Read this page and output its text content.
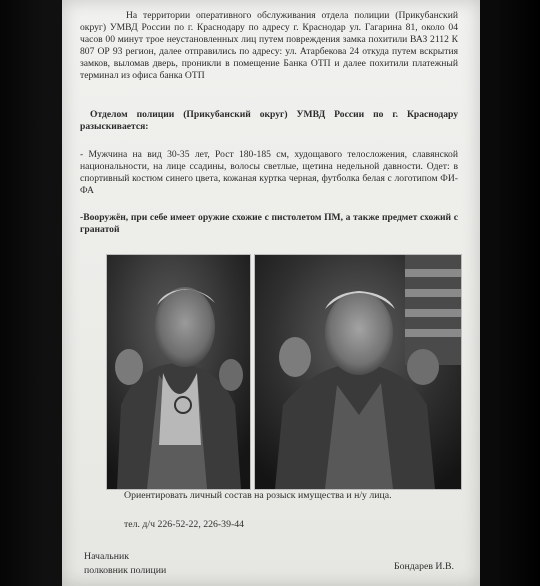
На территории оперативного обслуживания отдела полиции (Прикубанский округ) УМВД России по г. Краснодару по адресу г. Краснодар ул. Гагарина 81, около 04 часов 00 минут трое неустановленных лиц путем повреждения замка похитили ВАЗ 2112 К 807 ОР 93 регион, далее отправились по адресу: ул. Атарбекова 24 откуда путем вскрытия замков, выломав дверь, проникли в помещение Банка ОТП и далее похитили платежный терминал из офиса банка ОТП

Отделом полиции (Прикубанский округ) УМВД России по г. Краснодару разыскивается:

- Мужчина на вид 30-35 лет, Рост 180-185 см, худощавого телосложения, славянской национальности, на лице ссадины, волосы светлые, щетина недельной давности. Одет: в спортивный костюм синего цвета, кожаная куртка черная, футболка белая с логотипом ФИ-ФА

-Вооружён, при себе имеет оружие схожие с пистолетом ПМ, а также предмет схожий с гранатой

Ориентировать личный состав на розыск имущества и н/у лица.

тел. д/ч 226-52-22, 226-39-44

Начальник

полковник полиции	Бондарев И.В.
